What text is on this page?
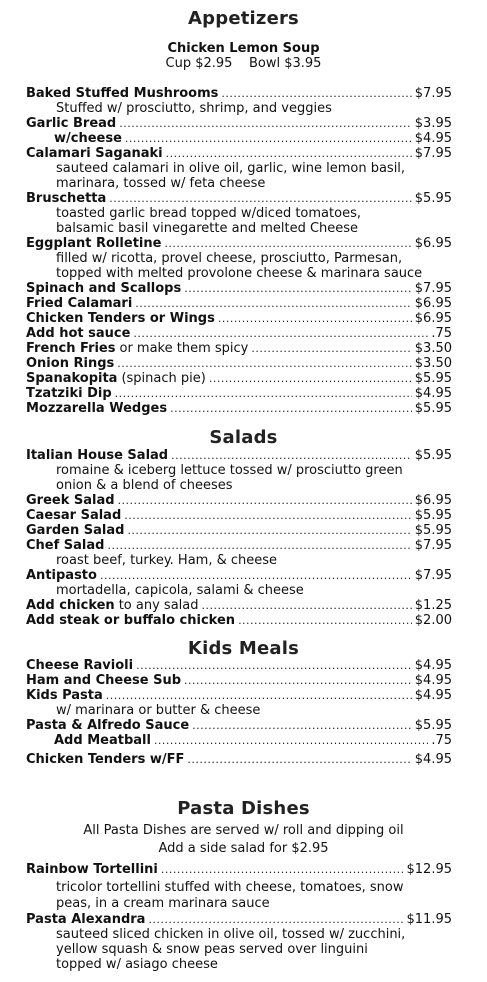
Appetizers
Chicken Lemon Soup
Cup $2.95    Bowl $3.95
Baked Stuffed Mushrooms .....	$7.95
Stuffed w/ prosciutto, shrimp, and veggies
Garlic Bread .....	$3.95
w/cheese .....	$4.95
Calamari Saganaki .....	$7.95
sauteed calamari in olive oil, garlic, wine lemon basil,
marinara, tossed w/ feta cheese
Bruschetta .....	$5.95
toasted garlic bread topped w/diced tomatoes,
balsamic basil vinegarette and melted Cheese
Eggplant Rolletine .....	$6.95
filled w/ ricotta, provel cheese, prosciutto, Parmesan,
topped with melted provolone cheese & marinara sauce
Spinach and Scallops .....	$7.95
Fried Calamari .....	$6.95
Chicken Tenders or Wings .....	$6.95
Add hot sauce .....	.75
French Fries or make them spicy .....	$3.50
Onion Rings .....	$3.50
Spanakopita (spinach pie) .....	$5.95
Tzatziki Dip .....	$4.95
Mozzarella Wedges .....	$5.95
Salads
Italian House Salad .....	$5.95
romaine & iceberg lettuce tossed w/ prosciutto green
onion & a blend of cheeses
Greek Salad .....	$6.95
Caesar Salad .....	$5.95
Garden Salad .....	$5.95
Chef Salad .....	$7.95
roast beef, turkey. Ham, & cheese
Antipasto .....	$7.95
mortadella, capicola, salami & cheese
Add chicken to any salad .....	$1.25
Add steak or buffalo chicken .....	$2.00
Kids Meals
Cheese Ravioli .....	$4.95
Ham and Cheese Sub .....	$4.95
Kids Pasta .....	$4.95
w/ marinara or butter & cheese
Pasta & Alfredo Sauce .....	$5.95
Add Meatball .....	.75
Chicken Tenders w/FF .....	$4.95
Pasta Dishes
All Pasta Dishes are served w/ roll and dipping oil
Add a side salad for $2.95
Rainbow Tortellini .....	$12.95
tricolor tortellini stuffed with cheese, tomatoes, snow
peas, in a cream marinara sauce
Pasta Alexandra .....	$11.95
sauteed sliced chicken in olive oil, tossed w/ zucchini,
yellow squash & snow peas served over linguini
topped w/ asiago cheese
